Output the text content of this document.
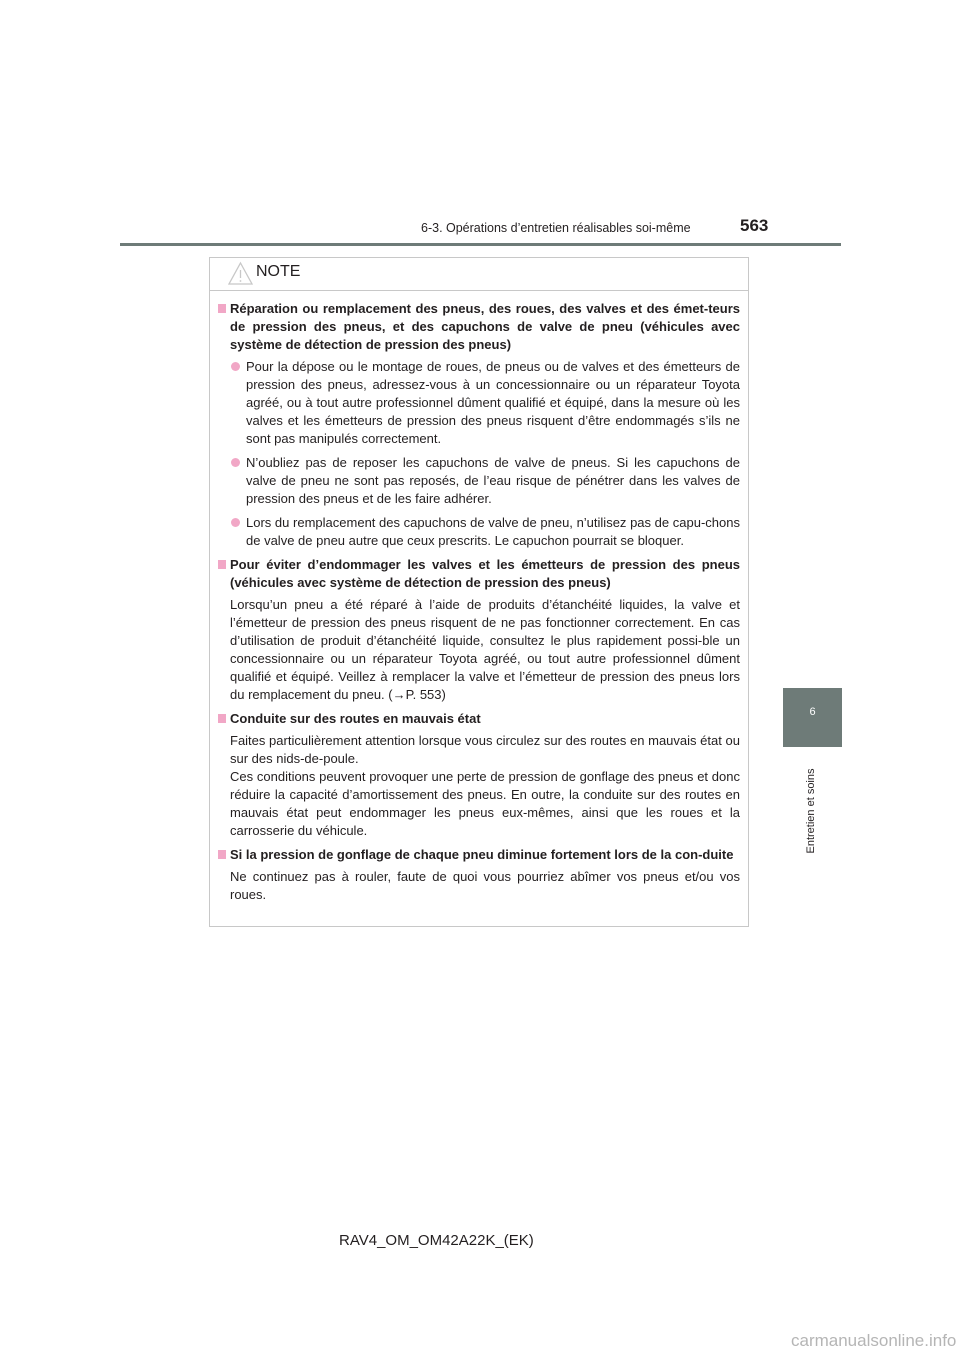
6-3. Opérations d’entretien réalisables soi-même	563
6
Entretien et soins
NOTE

Réparation ou remplacement des pneus, des roues, des valves et des émet-teurs de pression des pneus, et des capuchons de valve de pneu (véhicules avec système de détection de pression des pneus)

Pour la dépose ou le montage de roues, de pneus ou de valves et des émetteurs de pression des pneus, adressez-vous à un concessionnaire ou un réparateur Toyota agréé, ou à tout autre professionnel dûment qualifié et équipé, dans la mesure où les valves et les émetteurs de pression des pneus risquent d’être endommagés s’ils ne sont pas manipulés correctement.
N’oubliez pas de reposer les capuchons de valve de pneus. Si les capuchons de valve de pneu ne sont pas reposés, de l’eau risque de pénétrer dans les valves de pression des pneus et de les faire adhérer.
Lors du remplacement des capuchons de valve de pneu, n’utilisez pas de capu-chons de valve de pneu autre que ceux prescrits. Le capuchon pourrait se bloquer.

Pour éviter d’endommager les valves et les émetteurs de pression des pneus (véhicules avec système de détection de pression des pneus)

Lorsqu’un pneu a été réparé à l’aide de produits d’étanchéité liquides, la valve et l’émetteur de pression des pneus risquent de ne pas fonctionner correctement. En cas d’utilisation de produit d’étanchéité liquide, consultez le plus rapidement possi-ble un concessionnaire ou un réparateur Toyota agréé, ou tout autre professionnel dûment qualifié et équipé. Veillez à remplacer la valve et l’émetteur de pression des pneus lors du remplacement du pneu. (→P. 553)

Conduite sur des routes en mauvais état

Faites particulièrement attention lorsque vous circulez sur des routes en mauvais état ou sur des nids-de-poule.

Ces conditions peuvent provoquer une perte de pression de gonflage des pneus et donc réduire la capacité d’amortissement des pneus. En outre, la conduite sur des routes en mauvais état peut endommager les pneus eux-mêmes, ainsi que les roues et la carrosserie du véhicule.

Si la pression de gonflage de chaque pneu diminue fortement lors de la con-duite

Ne continuez pas à rouler, faute de quoi vous pourriez abîmer vos pneus et/ou vos roues.

RAV4_OM_OM42A22K_(EK)
carmanualsonline.info
